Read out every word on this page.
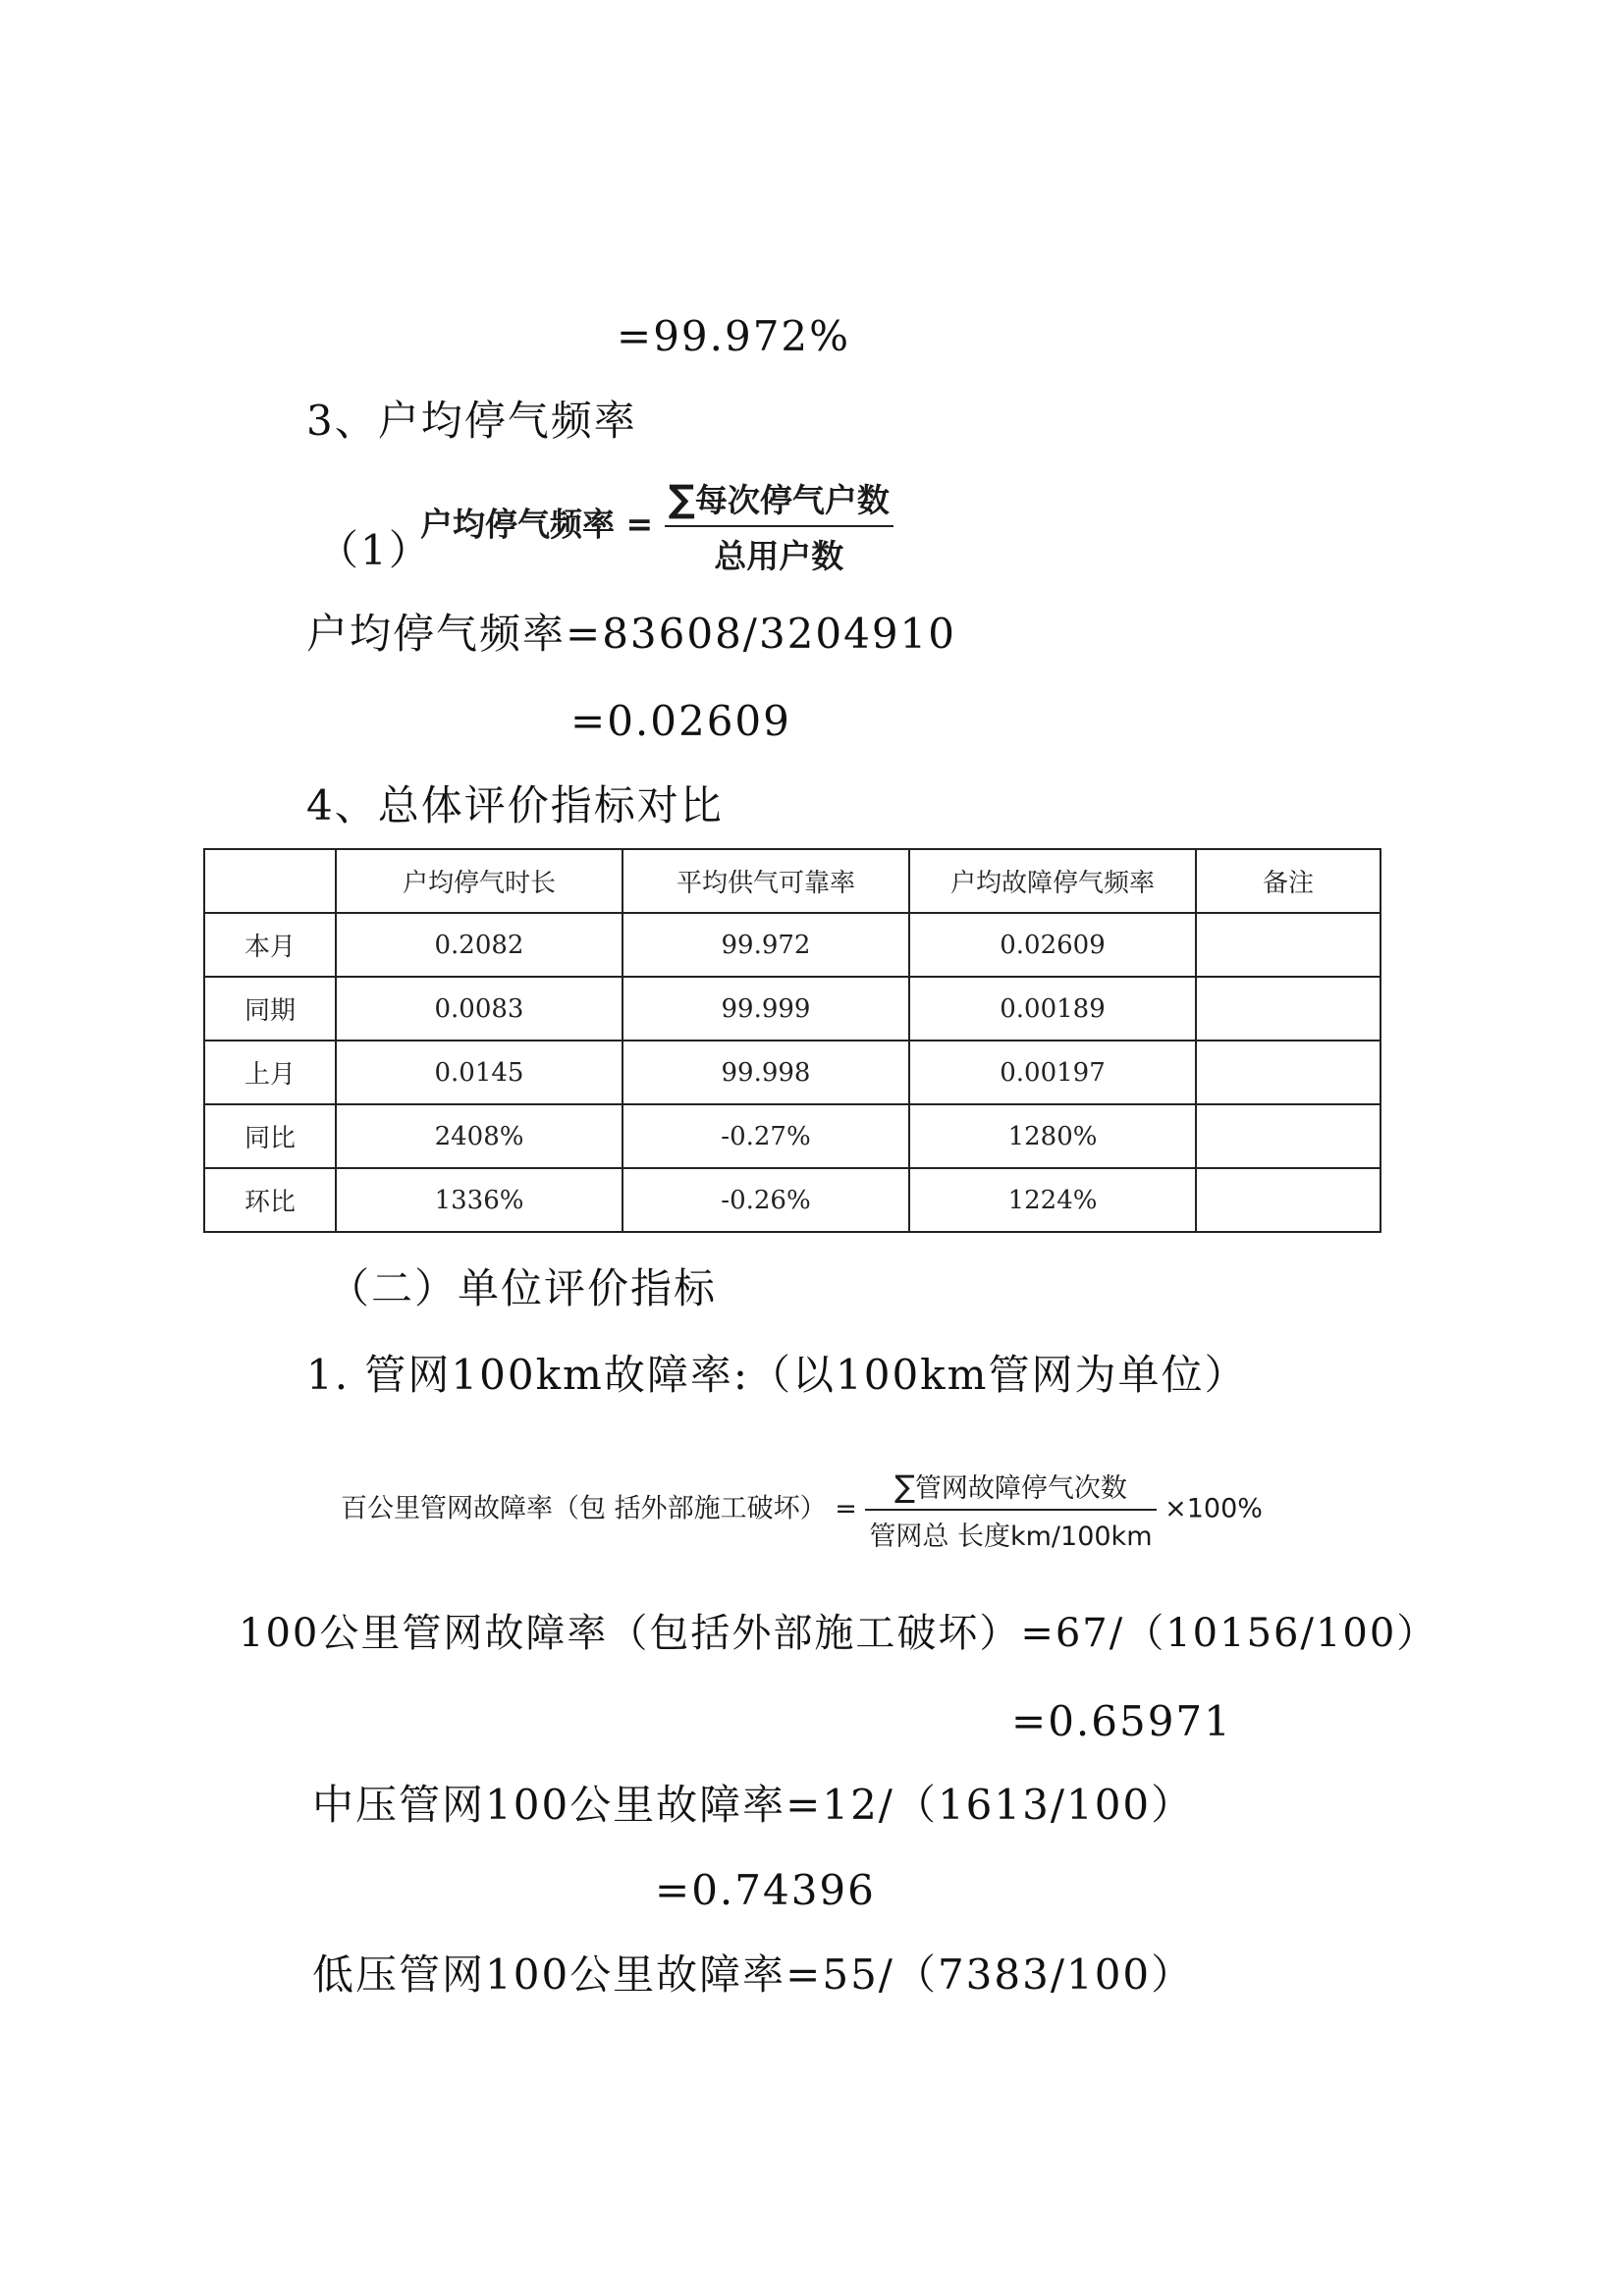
=99.972%
3、户均停气频率
（1）
户均停气频率 = $\frac{\text{∑每次停气户数}}{\text{总用户数}}$
户均停气频率=83608/3204910
=0.02609
4、总体评价指标对比
	户均停气时长	平均供气可靠率	户均故障停气频率	备注
本月	0.2082	99.972	0.02609	
同期	0.0083	99.999	0.00189	
上月	0.0145	99.998	0.00197	
同比	2408%	-0.27%	1280%	
环比	1336%	-0.26%	1224%	
（二）单位评价指标
1. 管网100km故障率:（以100km管网为单位）
百公里管网故障率（包 括外部施工破坏） = $\frac{\text{∑管网故障停气次数}}{\text{管网总 长度km/100km}} \times 100\%$
100公里管网故障率（包括外部施工破坏）=67/（10156/100）
=0.65971
中压管网100公里故障率=12/（1613/100）
=0.74396
低压管网100公里故障率=55/（7383/100）
